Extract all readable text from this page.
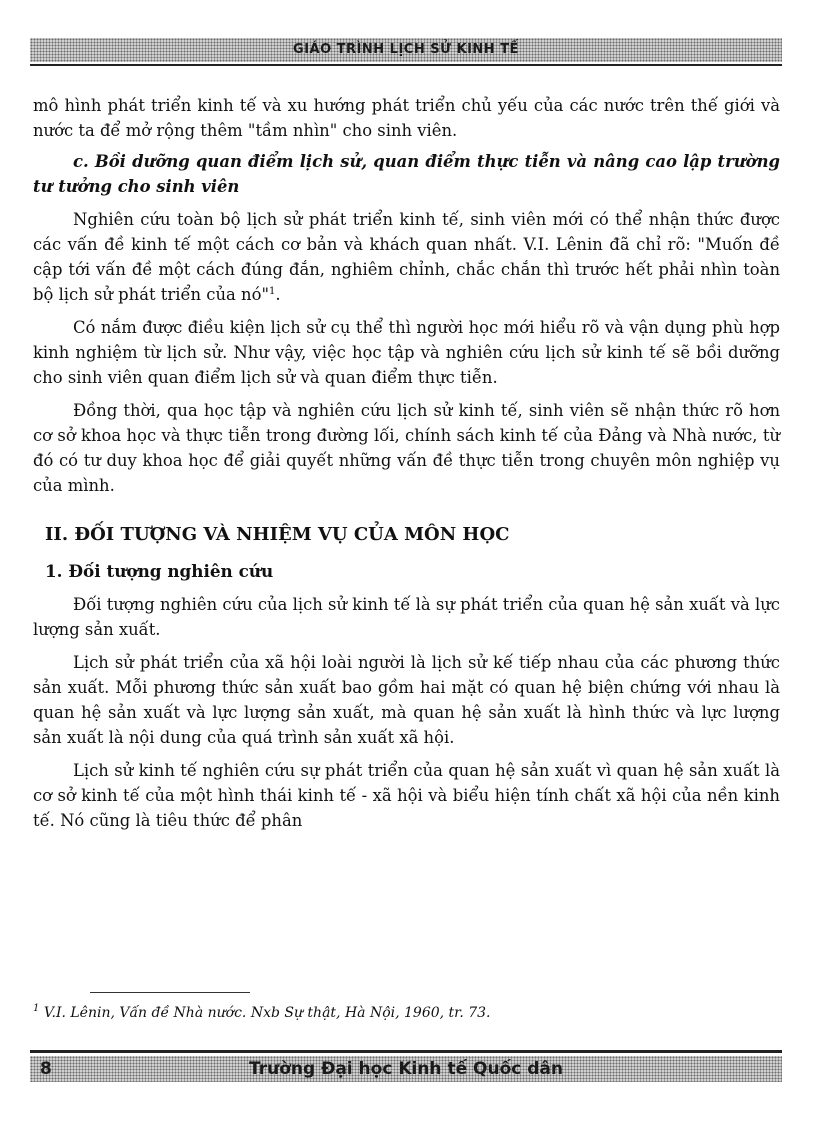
GIÁO TRÌNH LỊCH SỬ KINH TẾ

mô hình phát triển kinh tế và xu hướng phát triển chủ yếu của các nước trên thế giới và nước ta để mở rộng thêm "tầm nhìn" cho sinh viên.

c. Bồi dưỡng quan điểm lịch sử, quan điểm thực tiễn và nâng cao lập trường tư tưởng cho sinh viên

Nghiên cứu toàn bộ lịch sử phát triển kinh tế, sinh viên mới có thể nhận thức được các vấn đề kinh tế một cách cơ bản và khách quan nhất. V.I. Lênin đã chỉ rõ: "Muốn đề cập tới vấn đề một cách đúng đắn, nghiêm chỉnh, chắc chắn thì trước hết phải nhìn toàn bộ lịch sử phát triển của nó"$^1$.

Có nắm được điều kiện lịch sử cụ thể thì người học mới hiểu rõ và vận dụng phù hợp kinh nghiệm từ lịch sử. Như vậy, việc học tập và nghiên cứu lịch sử kinh tế sẽ bồi dưỡng cho sinh viên quan điểm lịch sử và quan điểm thực tiễn.

Đồng thời, qua học tập và nghiên cứu lịch sử kinh tế, sinh viên sẽ nhận thức rõ hơn cơ sở khoa học và thực tiễn trong đường lối, chính sách kinh tế của Đảng và Nhà nước, từ đó có tư duy khoa học để giải quyết những vấn đề thực tiễn trong chuyên môn nghiệp vụ của mình.

II. ĐỐI TƯỢNG VÀ NHIỆM VỤ CỦA MÔN HỌC
1. Đối tượng nghiên cứu

Đối tượng nghiên cứu của lịch sử kinh tế là sự phát triển của quan hệ sản xuất và lực lượng sản xuất.

Lịch sử phát triển của xã hội loài người là lịch sử kế tiếp nhau của các phương thức sản xuất. Mỗi phương thức sản xuất bao gồm hai mặt có quan hệ biện chứng với nhau là quan hệ sản xuất và lực lượng sản xuất, mà quan hệ sản xuất là hình thức và lực lượng sản xuất là nội dung của quá trình sản xuất xã hội.

Lịch sử kinh tế nghiên cứu sự phát triển của quan hệ sản xuất vì quan hệ sản xuất là cơ sở kinh tế của một hình thái kinh tế - xã hội và biểu hiện tính chất xã hội của nền kinh tế. Nó cũng là tiêu thức để phân

$^1$ V.I. Lênin, Vấn đề Nhà nước. Nxb Sự thật, Hà Nội, 1960, tr. 73.
8	Trường Đại học Kinh tế Quốc dân
